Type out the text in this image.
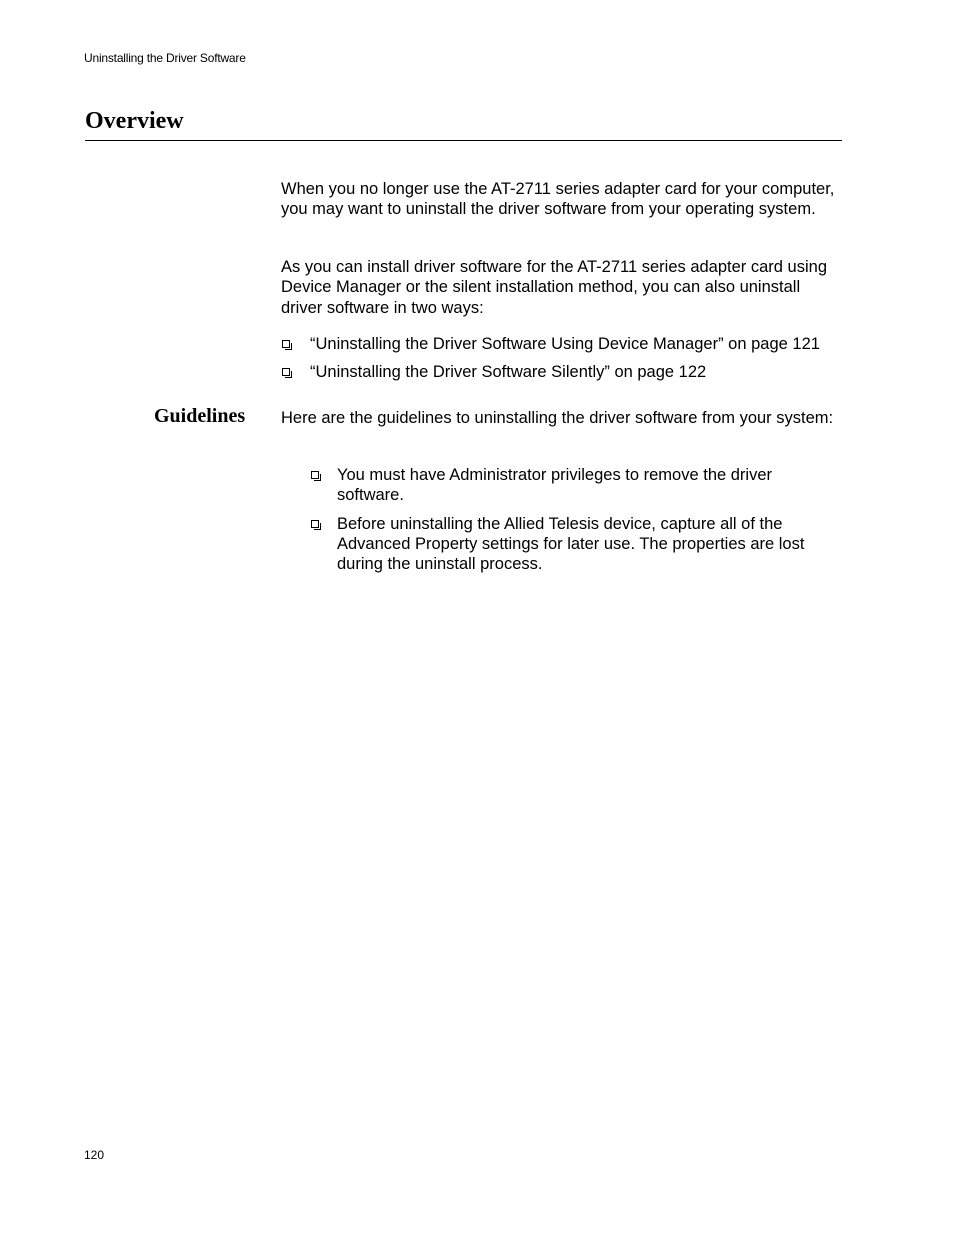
Uninstalling the Driver Software
Overview

When you no longer use the AT-2711 series adapter card for your computer, you may want to uninstall the driver software from your operating system.

As you can install driver software for the AT-2711 series adapter card using Device Manager or the silent installation method, you can also uninstall driver software in two ways:

“Uninstalling the Driver Software Using Device Manager” on page 121
“Uninstalling the Driver Software Silently” on page 122
Guidelines Here are the guidelines to uninstalling the driver software from your system:

You must have Administrator privileges to remove the driver software.
Before uninstalling the Allied Telesis device, capture all of the Advanced Property settings for later use. The properties are lost during the uninstall process.
120
